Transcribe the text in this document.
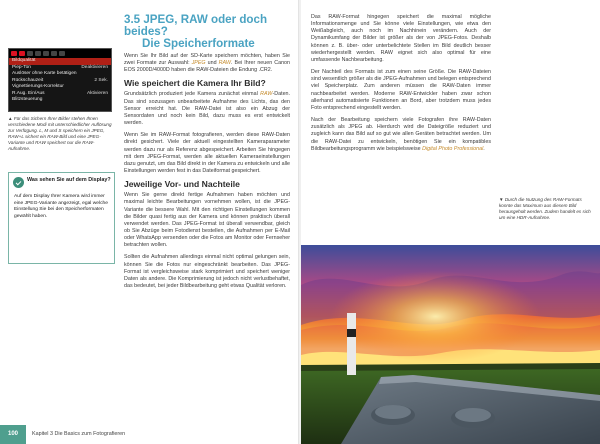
Bildqualität
Piep-Ton	Deaktivieren
Auslöser ohne Karte betätigen
Rückschauzeit	2 Sek.
Vignettierungs-Korrektur
R.Aug. Ein/Aus	Aktivieren
Blitzsteuerung

▲ Für das Sichern Ihrer Bilder stehen Ihnen verschiedene Modi mit unterschiedlicher Auflösung zur Verfügung. L, M und S speichern ein JPEG, RAW+L sichert ein RAW-Bild und eine JPEG-Variante und RAW speichert nur die RAW-Aufnahme.

Was sehen Sie auf dem Display?

Auf dem Display Ihrer Kamera wird immer eine JPEG-Variante angezeigt, egal welche Einstellung Sie bei den Speicherformaten gewählt haben.

3.5 JPEG, RAW oder doch beides?
Die Speicherformate

Wenn Sie Ihr Bild auf der SD-Karte speichern möchten, haben Sie zwei Formate zur Auswahl: JPEG und RAW. Bei Ihrer neuen Canon EOS 2000D/4000D haben die RAW-Dateien die Endung .CR2.

Wie speichert die Kamera Ihr Bild?

Grundsätzlich produziert jede Kamera zunächst einmal RAW-Daten. Das sind sozusagen unbearbeitete Aufnahme des Lichts, das den Sensor erreicht hat. Die RAW-Datei ist also ein Abzug der Sensordaten und noch kein Bild, dazu muss es erst entwickelt werden.

Wenn Sie im RAW-Format fotografieren, werden diese RAW-Daten direkt gesichert. Viele der aktuell eingestellten Kameraparameter werden dazu nur als Referenz abgespeichert. Arbeiten Sie hingegen mit dem JPEG-Format, werden alle aktuellen Kameraeinstellungen dazu genutzt, um das Bild direkt in der Kamera zu entwickeln und alle Einstellungen werden fest in das Dateiformat gespeichert.

Jeweilige Vor- und Nachteile

Wenn Sie gerne direkt fertige Aufnahmen haben möchten und maximal leichte Bearbeitungen vornehmen wollen, ist die JPEG-Variante die bessere Wahl. Mit den richtigen Einstellungen kommen die Bilder quasi fertig aus der Kamera und können praktisch überall verwendet werden. Das JPEG-Format ist überall verwendbar, gleich ob Sie Abzüge beim Fotodienst bestellen, die Aufnahmen per E-Mail oder WhatsApp versenden oder die Fotos am Monitor oder Fernseher betrachten wollen.

Sollten die Aufnahmen allerdings einmal nicht optimal gelungen sein, können Sie die Fotos nur eingeschränkt bearbeiten. Das JPEG-Format ist vergleichsweise stark komprimiert und speichert weniger Daten als andere. Die Komprimierung ist jedoch nicht verlustbehaftet, das bedeutet, bei jeder Bildbearbeitung geht etwas Qualität verloren.

100	Kapitel 3 Die Basics zum Fotografieren

Das RAW-Format hingegen speichert die maximal mögliche Informationsmenge und Sie könne viele Einstellungen, wie etwa den Weißabgleich, auch noch im Nachhinein verändern. Auch der Dynamikumfang der Bilder ist größer als der von JPEG-Fotos. Deshalb können z. B. über- oder unterbelichtete Stellen im Bild deutlich besser wiederhergestellt werden. RAW eignet sich also optimal für eine umfassende Nachbearbeitung.

Der Nachteil des Formats ist zum einen seine Größe. Die RAW-Dateien sind wesentlich größer als die JPEG-Aufnahmen und belegen entsprechend viel Speicherplatz. Zum anderen müssen die RAW-Daten immer nachbearbeitet werden. Moderne RAW-Entwickler haben zwar schon allerhand automatisierte Funktionen an Bord, aber trotzdem muss jedes Foto entsprechend eingestellt werden.

Nach der Bearbeitung speichern viele Fotografen ihre RAW-Daten zusätzlich als JPEG ab. Hierdurch wird die Dateigröße reduziert und zugleich kann das Bild auf so gut wie allen Geräten betrachtet werden. Um die RAW-Datei zu entwickeln, benötigen Sie ein kompatibles Bildbearbeitungsprogramm wie beispielsweise Digital Photo Professional.

▼ Durch die Nutzung des RAW-Formats konnte das Maximum aus diesem Bild herausgeholt werden. Zudem handelt es sich um eine HDR-Aufnahme.
